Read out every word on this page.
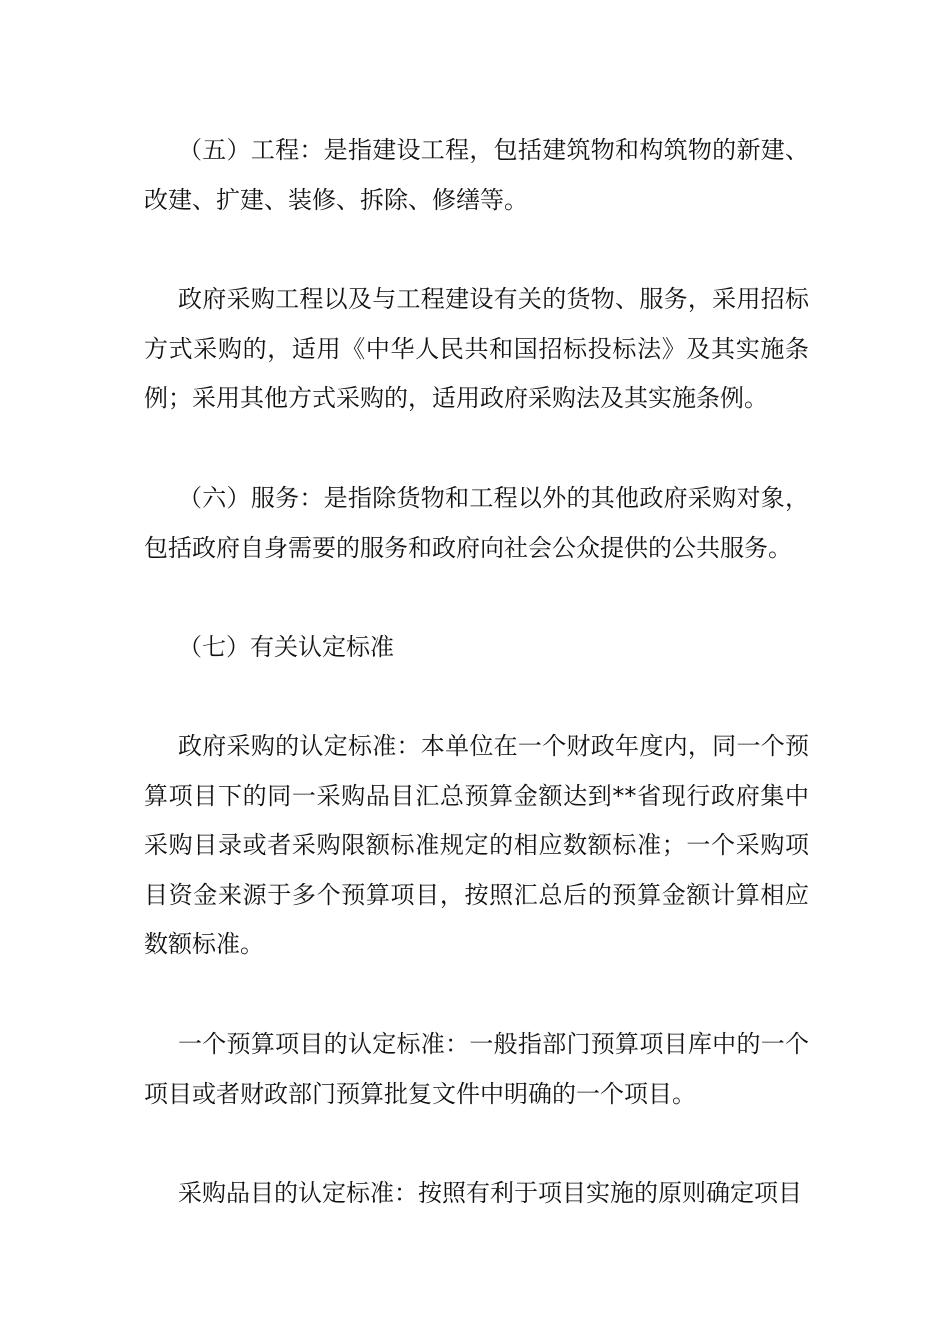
（五）工程：是指建设工程，包括建筑物和构筑物的新建、改建、扩建、装修、拆除、修缮等。

政府采购工程以及与工程建设有关的货物、服务，采用招标方式采购的，适用《中华人民共和国招标投标法》及其实施条例；采用其他方式采购的，适用政府采购法及其实施条例。

（六）服务：是指除货物和工程以外的其他政府采购对象，包括政府自身需要的服务和政府向社会公众提供的公共服务。

（七）有关认定标准

政府采购的认定标准：本单位在一个财政年度内，同一个预算项目下的同一采购品目汇总预算金额达到**省现行政府集中采购目录或者采购限额标准规定的相应数额标准；一个采购项目资金来源于多个预算项目，按照汇总后的预算金额计算相应数额标准。

一个预算项目的认定标准：一般指部门预算项目库中的一个项目或者财政部门预算批复文件中明确的一个项目。

采购品目的认定标准：按照有利于项目实施的原则确定项目
